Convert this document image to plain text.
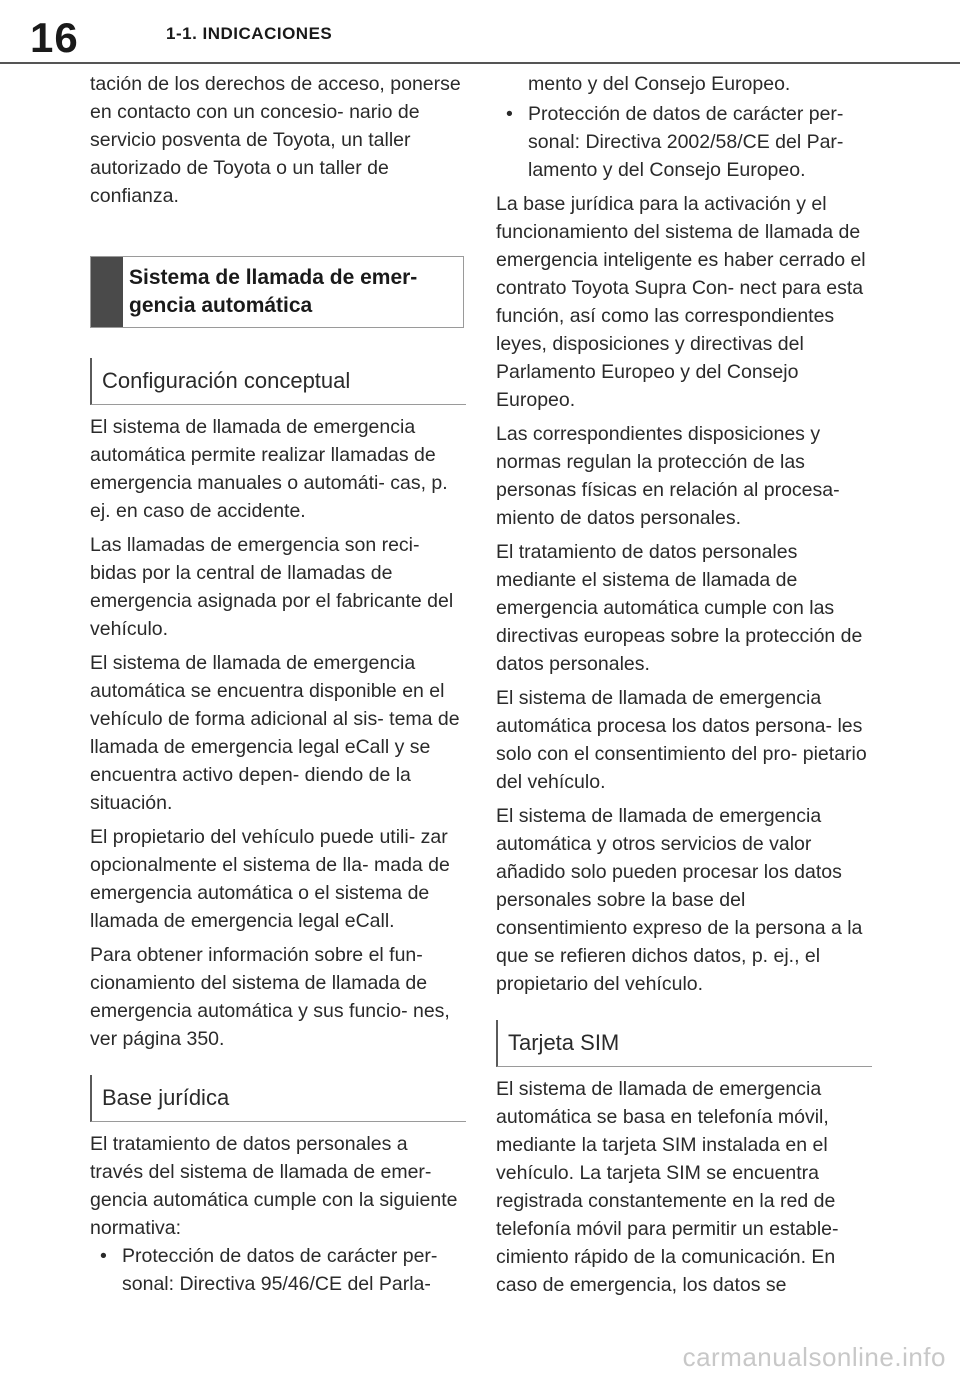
16	1-1. INDICACIONES

tación de los derechos de acceso, ponerse en contacto con un concesio- nario de servicio posventa de Toyota, un taller autorizado de Toyota o un taller de confianza.

Sistema de llamada de emer- gencia automática
Configuración conceptual

El sistema de llamada de emergencia automática permite realizar llamadas de emergencia manuales o automáti- cas, p. ej. en caso de accidente.

Las llamadas de emergencia son reci- bidas por la central de llamadas de emergencia asignada por el fabricante del vehículo.

El sistema de llamada de emergencia automática se encuentra disponible en el vehículo de forma adicional al sis- tema de llamada de emergencia legal eCall y se encuentra activo depen- diendo de la situación.

El propietario del vehículo puede utili- zar opcionalmente el sistema de lla- mada de emergencia automática o el sistema de llamada de emergencia legal eCall.

Para obtener información sobre el fun- cionamiento del sistema de llamada de emergencia automática y sus funcio- nes, ver página 350.

Base jurídica

El tratamiento de datos personales a través del sistema de llamada de emer- gencia automática cumple con la siguiente normativa:

• Protección de datos de carácter per- sonal: Directiva 95/46/CE del Parla-
mento y del Consejo Europeo.
• Protección de datos de carácter per- sonal: Directiva 2002/58/CE del Par- lamento y del Consejo Europeo.

La base jurídica para la activación y el funcionamiento del sistema de llamada de emergencia inteligente es haber cerrado el contrato Toyota Supra Con- nect para esta función, así como las correspondientes leyes, disposiciones y directivas del Parlamento Europeo y del Consejo Europeo.

Las correspondientes disposiciones y normas regulan la protección de las personas físicas en relación al procesa- miento de datos personales.

El tratamiento de datos personales mediante el sistema de llamada de emergencia automática cumple con las directivas europeas sobre la protección de datos personales.

El sistema de llamada de emergencia automática procesa los datos persona- les solo con el consentimiento del pro- pietario del vehículo.

El sistema de llamada de emergencia automática y otros servicios de valor añadido solo pueden procesar los datos personales sobre la base del consentimiento expreso de la persona a la que se refieren dichos datos, p. ej., el propietario del vehículo.

Tarjeta SIM

El sistema de llamada de emergencia automática se basa en telefonía móvil, mediante la tarjeta SIM instalada en el vehículo. La tarjeta SIM se encuentra registrada constantemente en la red de telefonía móvil para permitir un estable- cimiento rápido de la comunicación. En caso de emergencia, los datos se

carmanualsonline.info
